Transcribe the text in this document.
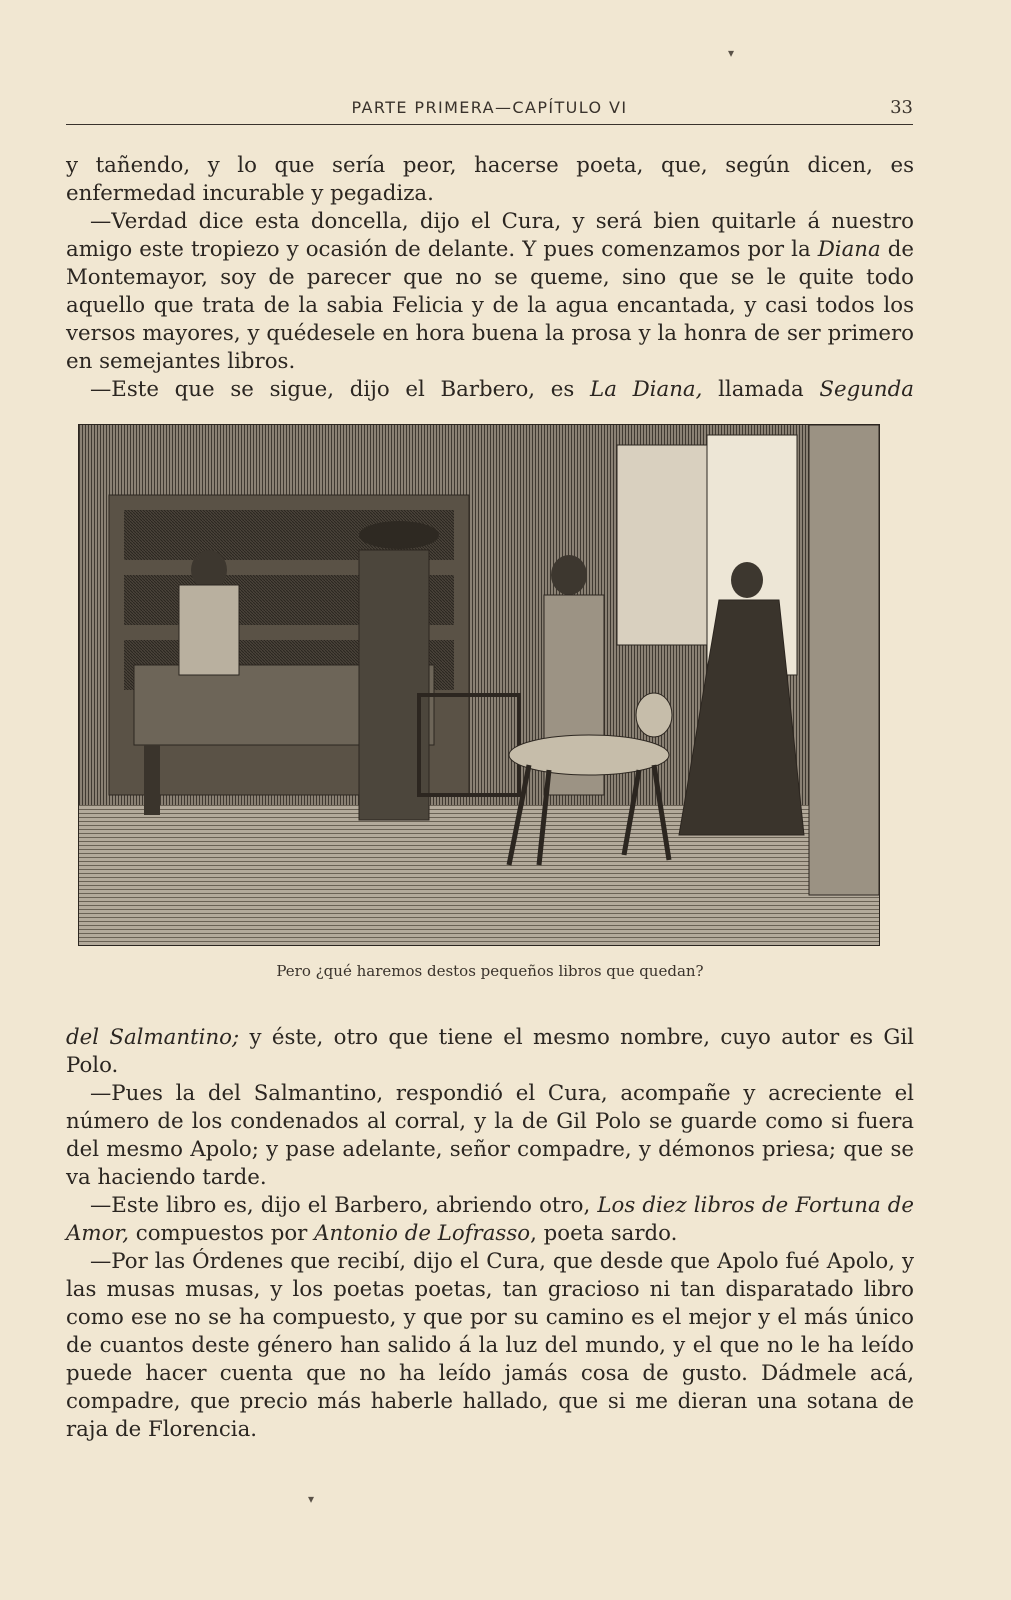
▾
PARTE PRIMERA—CAPÍTULO VI	33

y tañendo, y lo que sería peor, hacerse poeta, que, según dicen, es enfermedad incurable y pegadiza.

—Verdad dice esta doncella, dijo el Cura, y será bien quitarle á nuestro amigo este tropiezo y ocasión de delante. Y pues comenzamos por la Diana de Montemayor, soy de parecer que no se queme, sino que se le quite todo aquello que trata de la sabia Felicia y de la agua encantada, y casi todos los versos mayores, y quédesele en hora buena la prosa y la honra de ser primero en semejantes libros.

—Este que se sigue, dijo el Barbero, es La Diana, llamada Segunda

Pero ¿qué haremos destos pequeños libros que quedan?

del Salmantino; y éste, otro que tiene el mesmo nombre, cuyo autor es Gil Polo.

—Pues la del Salmantino, respondió el Cura, acompañe y acreciente el número de los condenados al corral, y la de Gil Polo se guarde como si fuera del mesmo Apolo; y pase adelante, señor compadre, y démonos priesa; que se va haciendo tarde.

—Este libro es, dijo el Barbero, abriendo otro, Los diez libros de Fortuna de Amor, compuestos por Antonio de Lofrasso, poeta sardo.

—Por las Órdenes que recibí, dijo el Cura, que desde que Apolo fué Apolo, y las musas musas, y los poetas poetas, tan gracioso ni tan disparatado libro como ese no se ha compuesto, y que por su camino es el mejor y el más único de cuantos deste género han salido á la luz del mundo, y el que no le ha leído puede hacer cuenta que no ha leído jamás cosa de gusto. Dádmele acá, compadre, que precio más haberle hallado, que si me dieran una sotana de raja de Florencia.

▾
